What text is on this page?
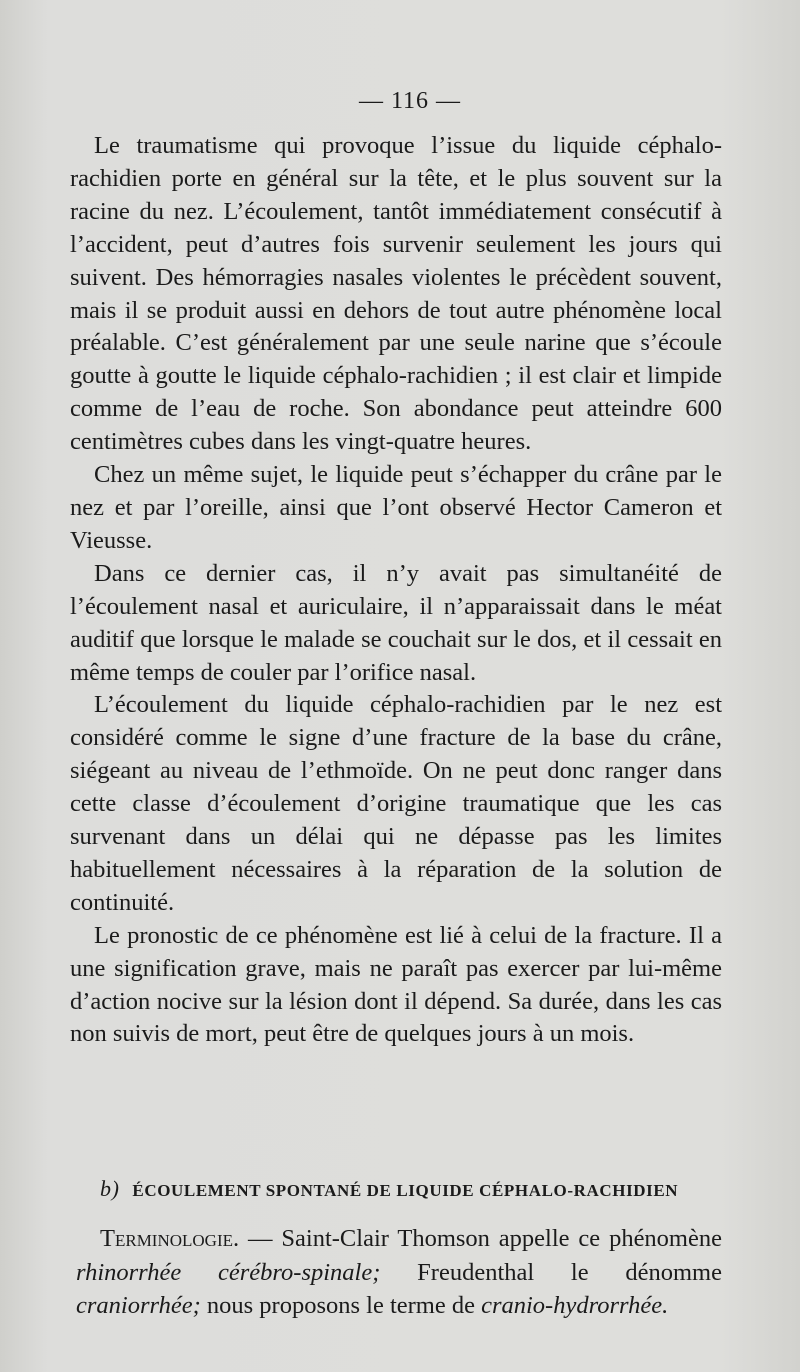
— 116 —

Le traumatisme qui provoque l’issue du liquide céphalo-rachidien porte en général sur la tête, et le plus souvent sur la racine du nez. L’écoulement, tantôt immédiatement consécutif à l’accident, peut d’autres fois survenir seulement les jours qui suivent. Des hémorragies nasales violentes le précèdent souvent, mais il se produit aussi en dehors de tout autre phénomène local préalable. C’est généralement par une seule narine que s’écoule goutte à goutte le liquide céphalo-rachidien ; il est clair et limpide comme de l’eau de roche. Son abondance peut atteindre 600 centimètres cubes dans les vingt-quatre heures.

Chez un même sujet, le liquide peut s’échapper du crâne par le nez et par l’oreille, ainsi que l’ont observé Hector Cameron et Vieusse.

Dans ce dernier cas, il n’y avait pas simultanéité de l’écoulement nasal et auriculaire, il n’apparaissait dans le méat auditif que lorsque le malade se couchait sur le dos, et il cessait en même temps de couler par l’orifice nasal.

L’écoulement du liquide céphalo-rachidien par le nez est considéré comme le signe d’une fracture de la base du crâne, siégeant au niveau de l’ethmoïde. On ne peut donc ranger dans cette classe d’écoulement d’origine traumatique que les cas survenant dans un délai qui ne dépasse pas les limites habituellement nécessaires à la réparation de la solution de continuité.

Le pronostic de ce phénomène est lié à celui de la fracture. Il a une signification grave, mais ne paraît pas exercer par lui-même d’action nocive sur la lésion dont il dépend. Sa durée, dans les cas non suivis de mort, peut être de quelques jours à un mois.

b) ÉCOULEMENT SPONTANÉ DE LIQUIDE CÉPHALO-RACHIDIEN
Terminologie. — Saint-Clair Thomson appelle ce phénomène rhinorrhée cérébro-spinale; Freudenthal le dénomme craniorrhée; nous proposons le terme de cranio-hydrorrhée.
